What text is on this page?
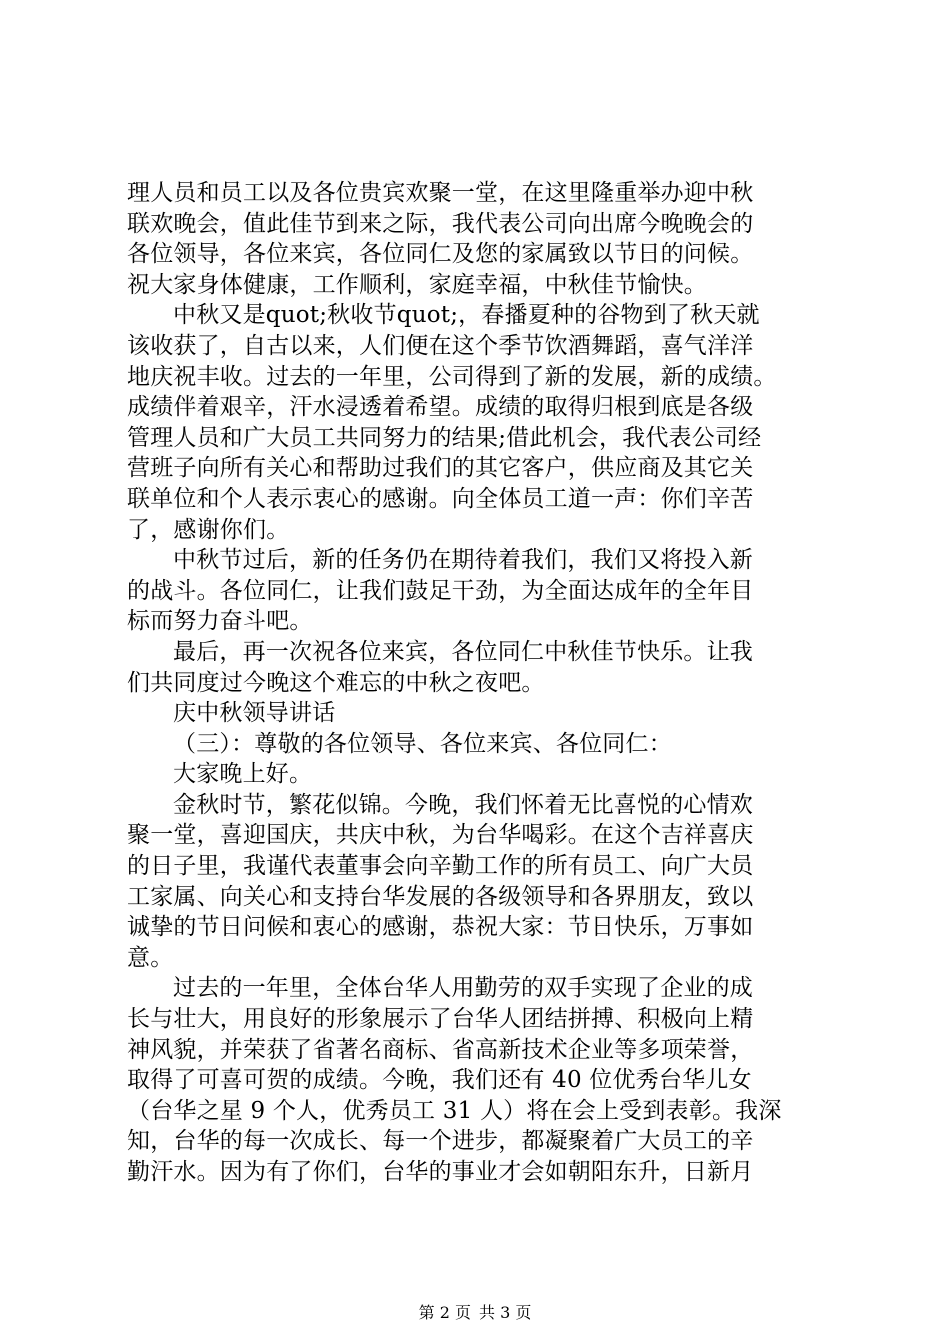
理人员和员工以及各位贵宾欢聚一堂，在这里隆重举办迎中秋
联欢晚会，值此佳节到来之际，我代表公司向出席今晚晚会的
各位领导，各位来宾，各位同仁及您的家属致以节日的问候。
祝大家身体健康，工作顺利，家庭幸福，中秋佳节愉快。
中秋又是quot;秋收节quot;，春播夏种的谷物到了秋天就
该收获了，自古以来，人们便在这个季节饮酒舞蹈，喜气洋洋
地庆祝丰收。过去的一年里，公司得到了新的发展，新的成绩。
成绩伴着艰辛，汗水浸透着希望。成绩的取得归根到底是各级
管理人员和广大员工共同努力的结果;借此机会，我代表公司经
营班子向所有关心和帮助过我们的其它客户，供应商及其它关
联单位和个人表示衷心的感谢。向全体员工道一声：你们辛苦
了，感谢你们。
中秋节过后，新的任务仍在期待着我们，我们又将投入新
的战斗。各位同仁，让我们鼓足干劲，为全面达成年的全年目
标而努力奋斗吧。
最后，再一次祝各位来宾，各位同仁中秋佳节快乐。让我
们共同度过今晚这个难忘的中秋之夜吧。
庆中秋领导讲话
（三）：尊敬的各位领导、各位来宾、各位同仁：
大家晚上好。
金秋时节，繁花似锦。今晚，我们怀着无比喜悦的心情欢
聚一堂，喜迎国庆，共庆中秋，为台华喝彩。在这个吉祥喜庆
的日子里，我谨代表董事会向辛勤工作的所有员工、向广大员
工家属、向关心和支持台华发展的各级领导和各界朋友，致以
诚挚的节日问候和衷心的感谢，恭祝大家：节日快乐，万事如
意。
过去的一年里，全体台华人用勤劳的双手实现了企业的成
长与壮大，用良好的形象展示了台华人团结拼搏、积极向上精
神风貌，并荣获了省著名商标、省高新技术企业等多项荣誉，
取得了可喜可贺的成绩。今晚，我们还有 40 位优秀台华儿女
（台华之星 9 个人，优秀员工 31 人）将在会上受到表彰。我深
知，台华的每一次成长、每一个进步，都凝聚着广大员工的辛
勤汗水。因为有了你们，台华的事业才会如朝阳东升，日新月
第 2 页 共 3 页
